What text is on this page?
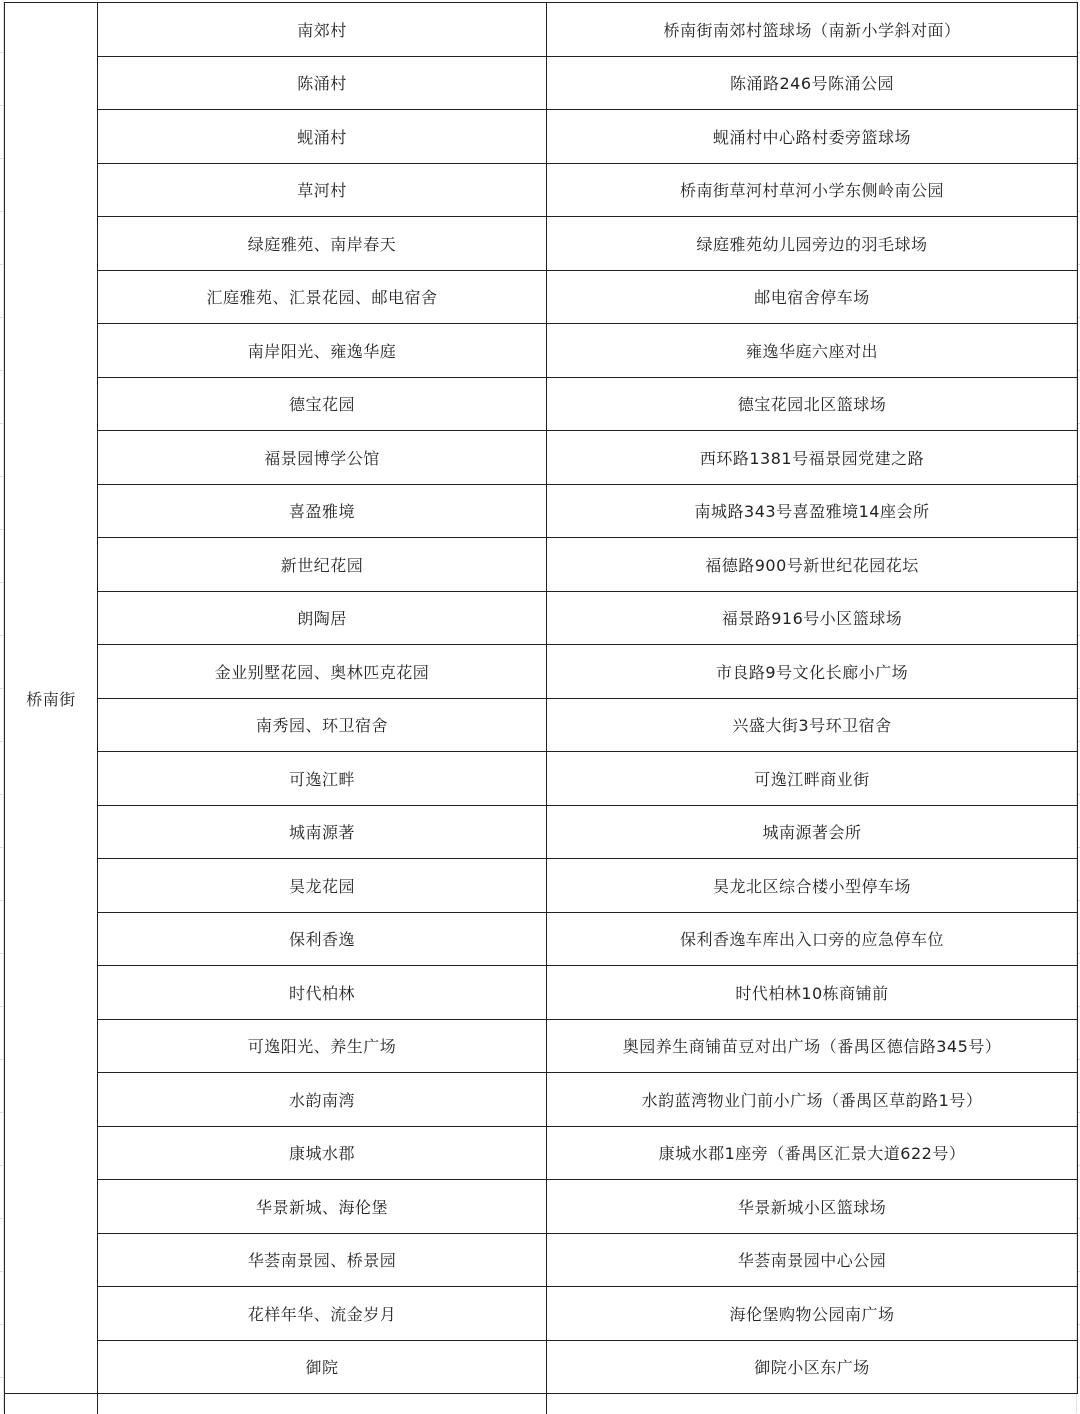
桥南街	南郊村	桥南街南郊村篮球场（南新小学斜对面）
	陈涌村	陈涌路246号陈涌公园
	蚬涌村	蚬涌村中心路村委旁篮球场
	草河村	桥南街草河村草河小学东侧岭南公园
	绿庭雅苑、南岸春天	绿庭雅苑幼儿园旁边的羽毛球场
	汇庭雅苑、汇景花园、邮电宿舍	邮电宿舍停车场
	南岸阳光、雍逸华庭	雍逸华庭六座对出
	德宝花园	德宝花园北区篮球场
	福景园博学公馆	西环路1381号福景园党建之路
	喜盈雅境	南城路343号喜盈雅境14座会所
	新世纪花园	福德路900号新世纪花园花坛
	朗陶居	福景路916号小区篮球场
	金业别墅花园、奥林匹克花园	市良路9号文化长廊小广场
	南秀园、环卫宿舍	兴盛大街3号环卫宿舍
	可逸江畔	可逸江畔商业街
	城南源著	城南源著会所
	昊龙花园	昊龙北区综合楼小型停车场
	保利香逸	保利香逸车库出入口旁的应急停车位
	时代柏林	时代柏林10栋商铺前
	可逸阳光、养生广场	奥园养生商铺苗豆对出广场（番禺区德信路345号）
	水韵南湾	水韵蓝湾物业门前小广场（番禺区草韵路1号）
	康城水郡	康城水郡1座旁（番禺区汇景大道622号）
	华景新城、海伦堡	华景新城小区篮球场
	华荟南景园、桥景园	华荟南景园中心公园
	花样年华、流金岁月	海伦堡购物公园南广场
	御院	御院小区东广场
